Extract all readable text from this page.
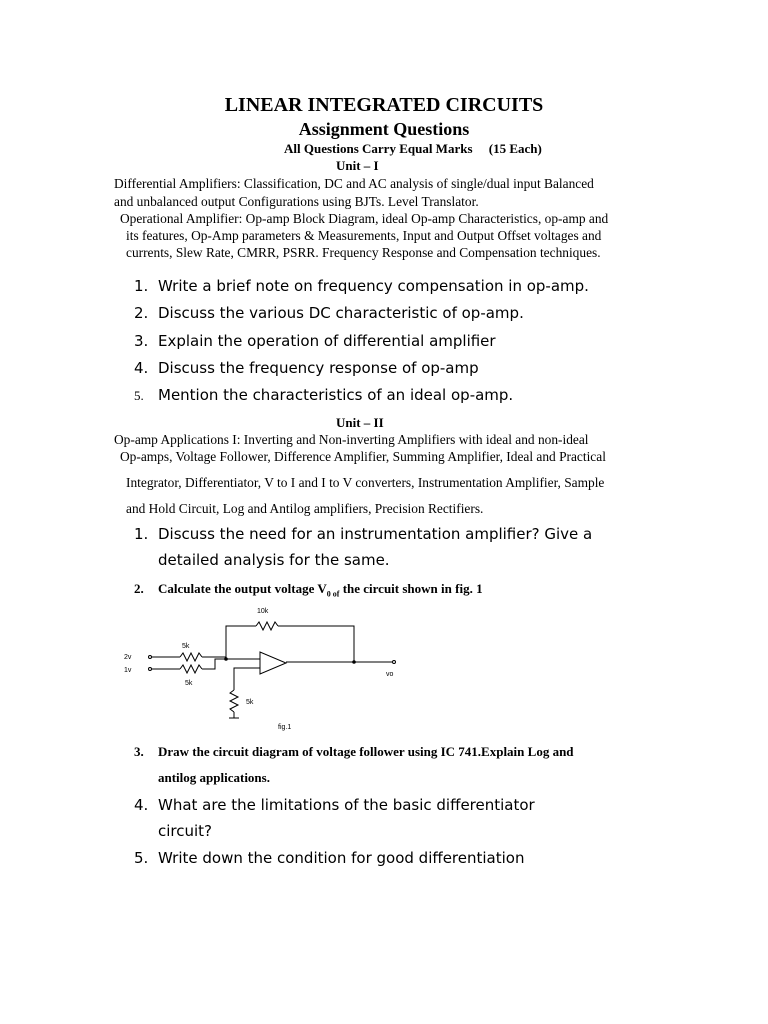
LINEAR INTEGRATED CIRCUITS
Assignment Questions
All Questions Carry Equal Marks (15 Each)
Unit – I
Differential Amplifiers: Classification, DC and AC analysis of single/dual input Balanced
and unbalanced output Configurations using BJTs. Level Translator.
Operational Amplifier: Op-amp Block Diagram, ideal Op-amp Characteristics, op-amp and
its features, Op-Amp parameters & Measurements, Input and Output Offset voltages and
currents, Slew Rate, CMRR, PSRR. Frequency Response and Compensation techniques.
1. Write a brief note on frequency compensation in op-amp.
2. Discuss the various DC characteristic of op-amp.
3. Explain the operation of differential amplifier
4. Discuss the frequency response of op-amp
5. Mention the characteristics of an ideal op-amp.
Unit – II
Op-amp Applications I: Inverting and Non-inverting Amplifiers with ideal and non-ideal
Op-amps, Voltage Follower, Difference Amplifier, Summing Amplifier, Ideal and Practical
Integrator, Differentiator, V to I and I to V converters, Instrumentation Amplifier, Sample
and Hold Circuit, Log and Antilog amplifiers, Precision Rectifiers.
1. Discuss the need for an instrumentation amplifier? Give a
detailed analysis for the same.
2. Calculate the output voltage $V_{0 of}$ the circuit shown in fig. 1
10k
5k
5k
5k
2v
1v
vo
fig.1
3. Draw the circuit diagram of voltage follower using IC 741.Explain Log and
antilog applications.
4. What are the limitations of the basic differentiator
circuit?
5. Write down the condition for good differentiation
